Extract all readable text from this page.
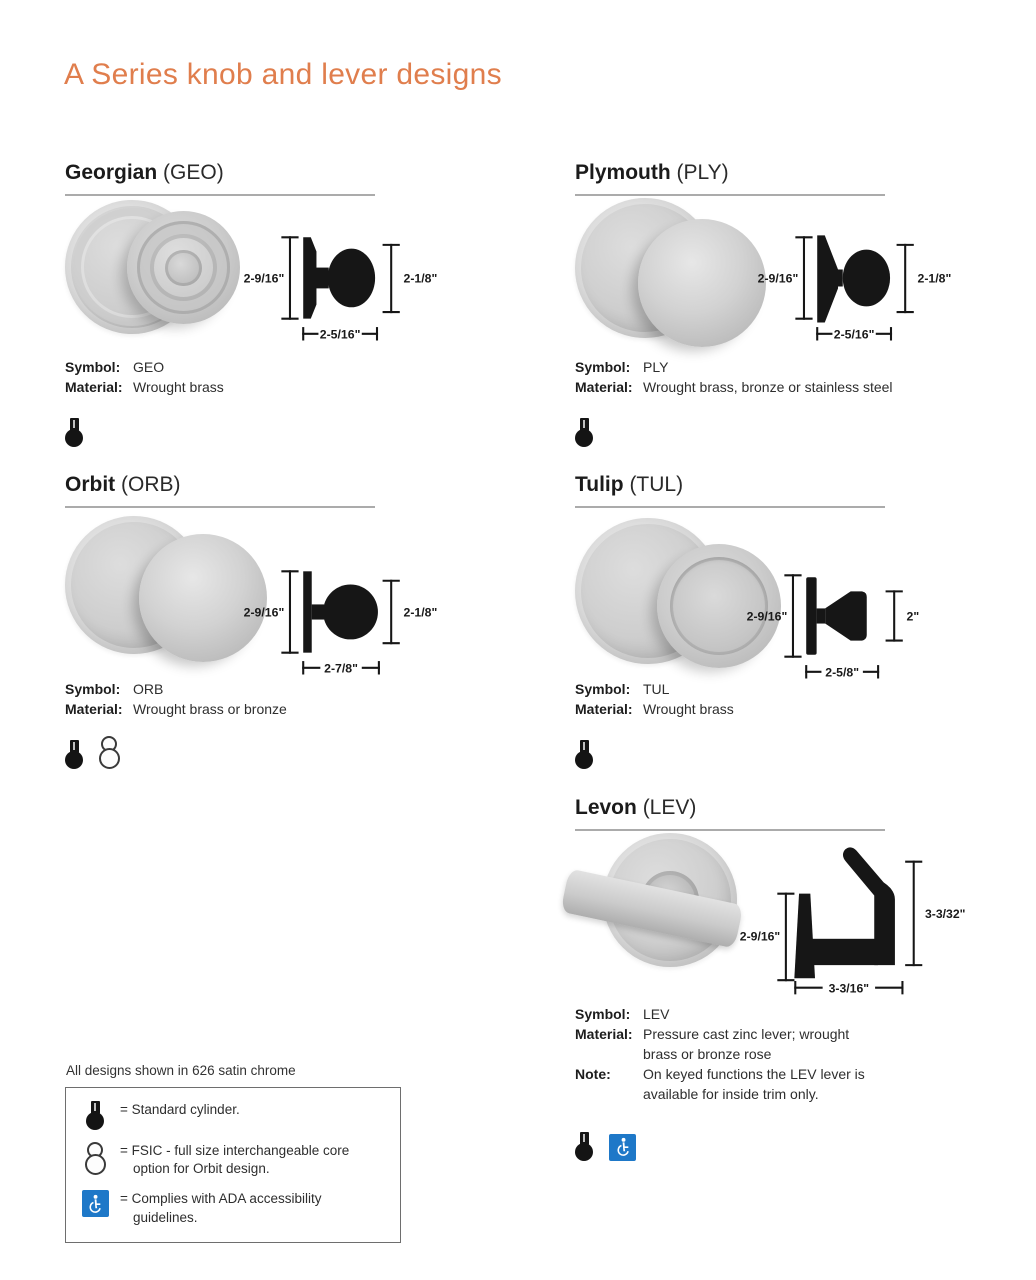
A Series knob and lever designs
Georgian (GEO)
2-9/16"	2-1/8"
2-5/16"
Symbol: GEO
Material: Wrought brass
Plymouth (PLY)
2-9/16"	2-1/8"
2-5/16"
Symbol: PLY
Material: Wrought brass, bronze or stainless steel
Orbit (ORB)
2-9/16"	2-1/8"
2-7/8"
Symbol: ORB
Material: Wrought brass or bronze
Tulip (TUL)
2-9/16"	2"
2-5/8"
Symbol: TUL
Material: Wrought brass
Levon (LEV)
2-9/16"
3-3/32"
3-3/16"
Symbol: LEV
Material: Pressure cast zinc lever; wrought brass or bronze rose
Note:	On keyed functions the LEV lever is available for inside trim only.
All designs shown in 626 satin chrome
= Standard cylinder.
= FSIC - full size interchangeable core option for Orbit design.
= Complies with ADA accessibility guidelines.
